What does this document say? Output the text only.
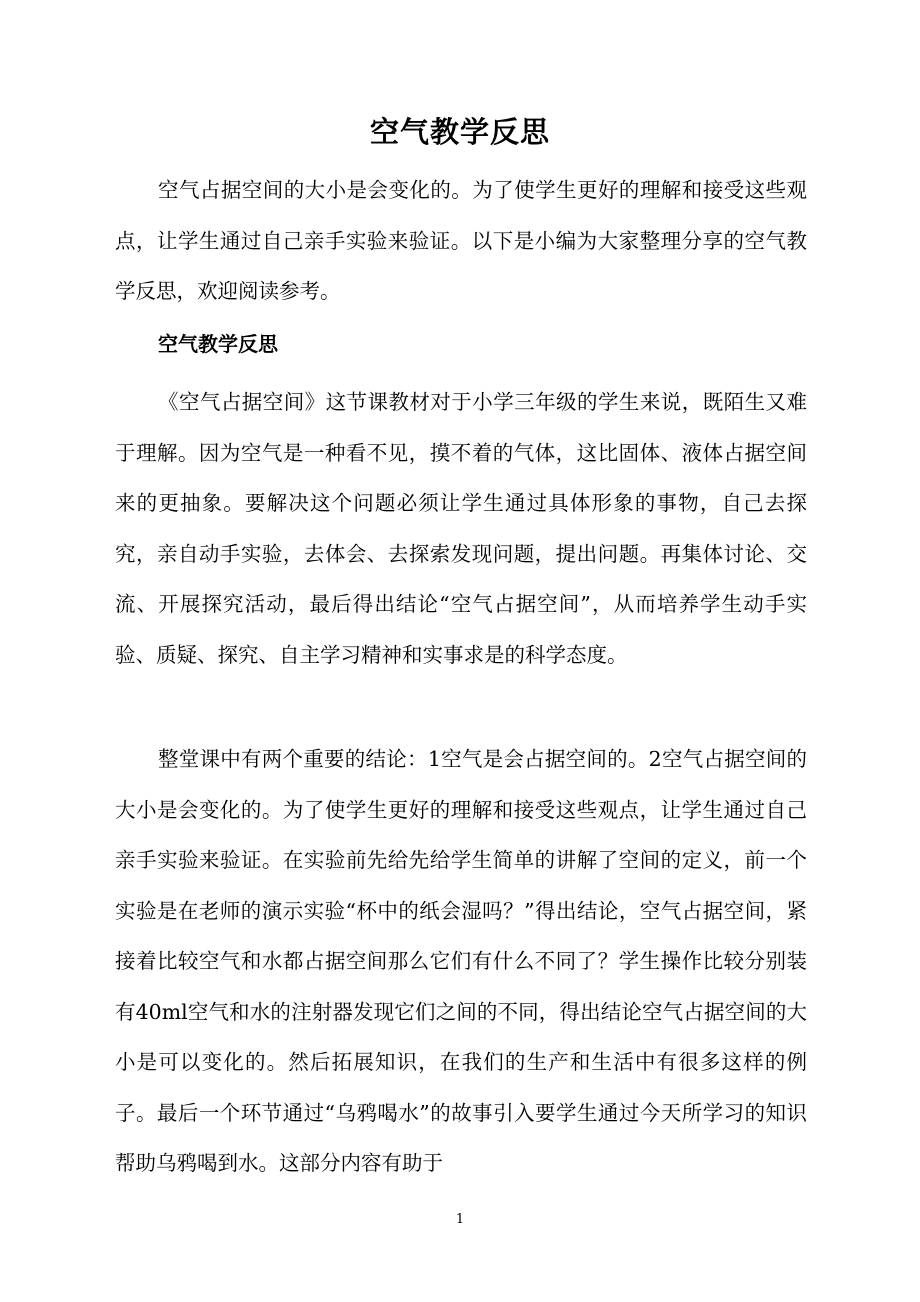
空气教学反思

空气占据空间的大小是会变化的。为了使学生更好的理解和接受这些观点，让学生通过自己亲手实验来验证。以下是小编为大家整理分享的空气教学反思，欢迎阅读参考。

空气教学反思

《空气占据空间》这节课教材对于小学三年级的学生来说，既陌生又难于理解。因为空气是一种看不见，摸不着的气体，这比固体、液体占据空间来的更抽象。要解决这个问题必须让学生通过具体形象的事物，自己去探究，亲自动手实验，去体会、去探索发现问题，提出问题。再集体讨论、交流、开展探究活动，最后得出结论“空气占据空间”，从而培养学生动手实验、质疑、探究、自主学习精神和实事求是的科学态度。

整堂课中有两个重要的结论：1空气是会占据空间的。2空气占据空间的大小是会变化的。为了使学生更好的理解和接受这些观点，让学生通过自己亲手实验来验证。在实验前先给先给学生简单的讲解了空间的定义，前一个实验是在老师的演示实验“杯中的纸会湿吗？”得出结论，空气占据空间，紧接着比较空气和水都占据空间那么它们有什么不同了？学生操作比较分别装有40ml空气和水的注射器发现它们之间的不同，得出结论空气占据空间的大小是可以变化的。然后拓展知识，在我们的生产和生活中有很多这样的例子。最后一个环节通过“乌鸦喝水”的故事引入要学生通过今天所学习的知识帮助乌鸦喝到水。这部分内容有助于

1
